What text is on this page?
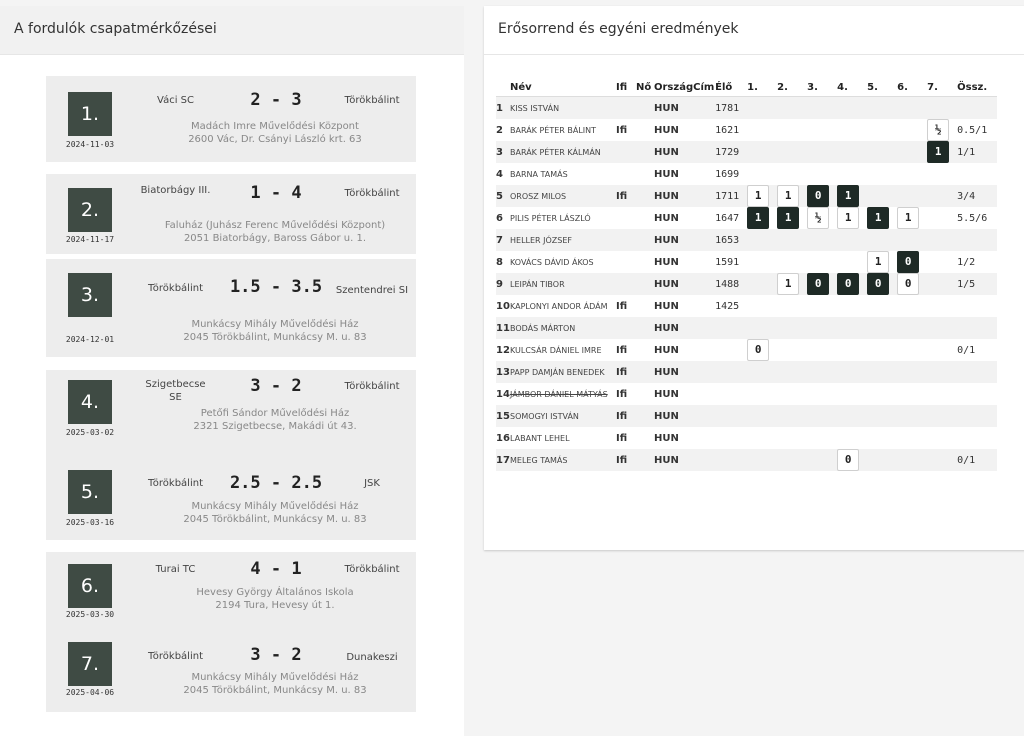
A fordulók csapatmérkőzései
1.
2024-11-03
Váci SC	2 - 3	Törökbálint
Madách Imre Művelődési Központ
2600 Vác, Dr. Csányi László krt. 63
2.
2024-11-17
Biatorbágy III.	1 - 4	Törökbálint
Faluház (Juhász Ferenc Művelődési Központ)
2051 Biatorbágy, Baross Gábor u. 1.
3.
2024-12-01
Törökbálint	1.5 - 3.5	Szentendrei SI
Munkácsy Mihály Művelődési Ház
2045 Törökbálint, Munkácsy M. u. 83
4.
2025-03-02
Szigetbecse SE
3 - 2	Törökbálint
Petőfi Sándor Művelődési Ház
2321 Szigetbecse, Makádi út 43.
5.
2025-03-16
Törökbálint	2.5 - 2.5	JSK
Munkácsy Mihály Művelődési Ház
2045 Törökbálint, Munkácsy M. u. 83
6.
2025-03-30
Turai TC	4 - 1	Törökbálint
Hevesy György Általános Iskola
2194 Tura, Hevesy út 1.
7.
2025-04-06
Törökbálint	3 - 2	Dunakeszi
Munkácsy Mihály Művelődési Ház
2045 Törökbálint, Munkácsy M. u. 83
Erősorrend és egyéni eredmények
	Név	Ifi	Nő	Ország	Cím	Élő	1.	2.	3.	4.	5.	6.	7.	Össz.
1	KISS ISTVÁN			HUN		1781								
2	BARÁK PÉTER BÁLINT	Ifi		HUN		1621							½	0.5/1
3	BARÁK PÉTER KÁLMÁN			HUN		1729							1	1/1
4	BARNA TAMÁS			HUN		1699								
5	OROSZ MILOS	Ifi		HUN		1711	1	1	0	1				3/4
6	PILIS PÉTER LÁSZLÓ			HUN		1647	1	1	½	1	1	1		5.5/6
7	HELLER JÓZSEF			HUN		1653								
8	KOVÁCS DÁVID ÁKOS			HUN		1591					1	0		1/2
9	LEIPÁN TIBOR			HUN		1488		1	0	0	0	0		1/5
10	KAPLONYI ANDOR ÁDÁM	Ifi		HUN		1425								
11	BODÁS MÁRTON			HUN										
12	KULCSÁR DÁNIEL IMRE	Ifi		HUN			0							0/1
13	PAPP DAMJÁN BENEDEK	Ifi		HUN										
14	JÁMBOR DÁNIEL MÁTYÁS	Ifi		HUN										
15	SOMOGYI ISTVÁN	Ifi		HUN										
16	LABANT LEHEL	Ifi		HUN										
17	MELEG TAMÁS	Ifi		HUN						0				0/1
